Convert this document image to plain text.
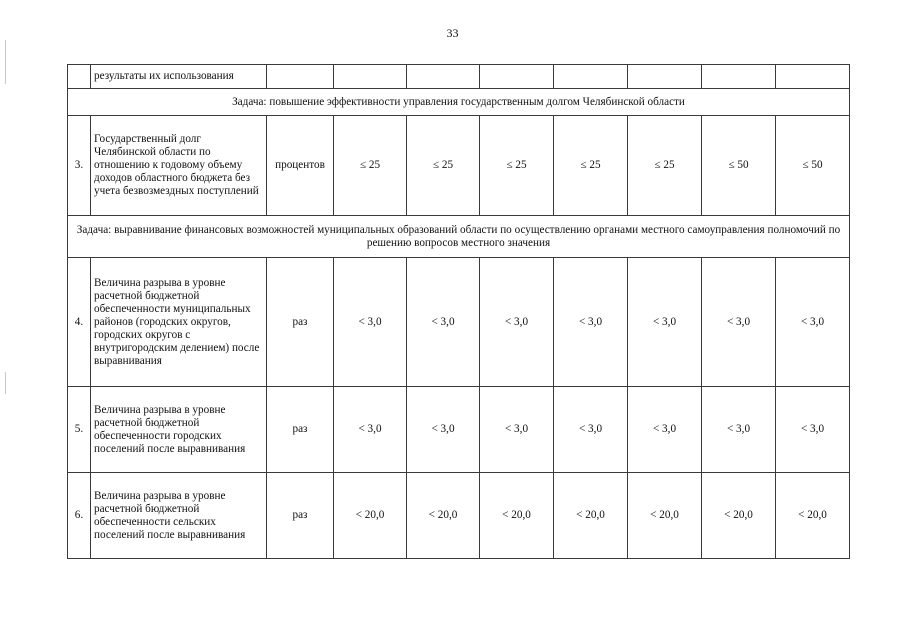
33
	результаты их использования								
Задача: повышение эффективности управления государственным долгом Челябинской области									
3.	Государственный долг Челябинской области по отношению к годовому объему доходов областного бюджета без учета безвозмездных поступлений	процентов	≤ 25	≤ 25	≤ 25	≤ 25	≤ 25	≤ 50	≤ 50
Задача: выравнивание финансовых возможностей муниципальных образований области по осуществлению органами местного самоуправления полномочий по решению вопросов местного значения									
4.	Величина разрыва в уровне расчетной бюджетной обеспеченности муниципальных районов (городских округов, городских округов с внутригородским делением) после выравнивания	раз	< 3,0	< 3,0	< 3,0	< 3,0	< 3,0	< 3,0	< 3,0
5.	Величина разрыва в уровне расчетной бюджетной обеспеченности городских поселений после выравнивания	раз	< 3,0	< 3,0	< 3,0	< 3,0	< 3,0	< 3,0	< 3,0
6.	Величина разрыва в уровне расчетной бюджетной обеспеченности сельских поселений после выравнивания	раз	< 20,0	< 20,0	< 20,0	< 20,0	< 20,0	< 20,0	< 20,0
